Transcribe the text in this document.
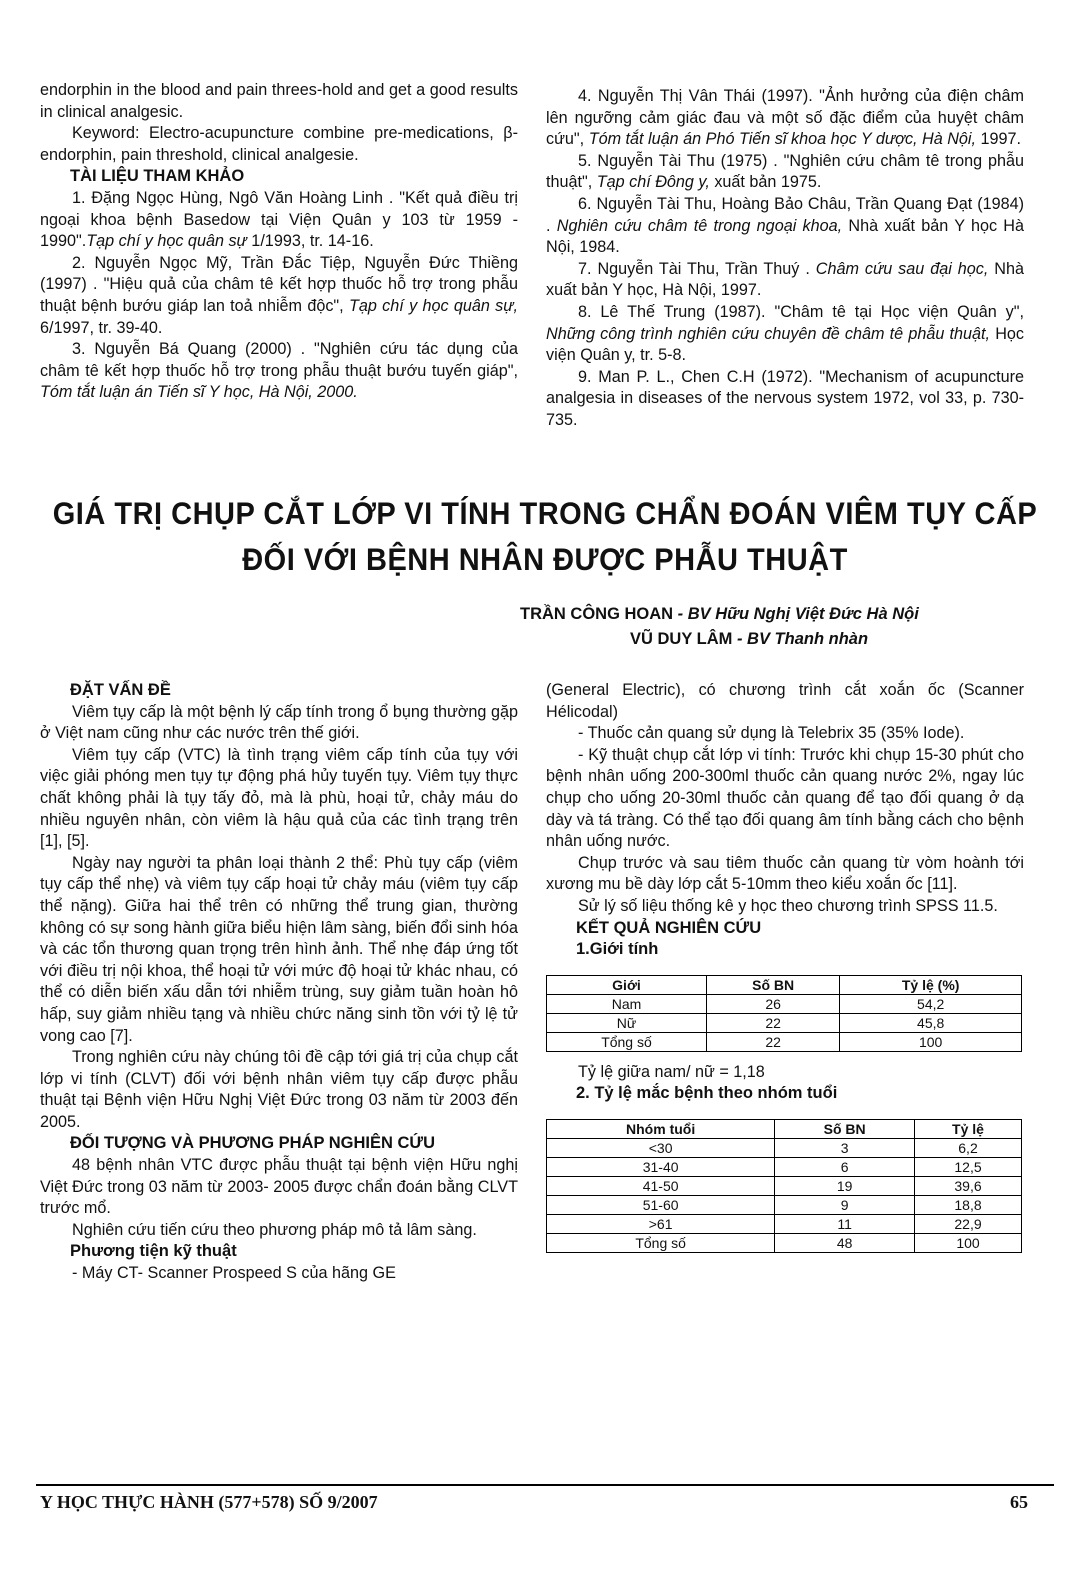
endorphin in the blood and pain threes-hold and get a good results in clinical analgesic.

Keyword: Electro-acupuncture combine pre-medications, β-endorphin, pain threshold, clinical analgesie.

TÀI LIỆU THAM KHẢO

1. Đặng Ngọc Hùng, Ngô Văn Hoàng Linh . "Kết quả điều trị ngoại khoa bệnh Basedow tại Viện Quân y 103 từ 1959 - 1990".Tạp chí y học quân sự 1/1993, tr. 14-16.

2. Nguyễn Ngọc Mỹ, Trần Đắc Tiệp, Nguyễn Đức Thiềng (1997) . "Hiệu quả của châm tê kết hợp thuốc hỗ trợ trong phẫu thuật bệnh bướu giáp lan toả nhiễm độc", Tạp chí y học quân sự, 6/1997, tr. 39-40.

3. Nguyễn Bá Quang (2000) . "Nghiên cứu tác dụng của châm tê kết hợp thuốc hỗ trợ trong phẫu thuật bướu tuyến giáp", Tóm tắt luận án Tiến sĩ Y học, Hà Nội, 2000.

4. Nguyễn Thị Vân Thái (1997). "Ảnh hưởng của điện châm lên ngưỡng cảm giác đau và một số đặc điểm của huyệt châm cứu", Tóm tắt luận án Phó Tiến sĩ khoa học Y dược, Hà Nội, 1997.

5. Nguyễn Tài Thu (1975) . "Nghiên cứu châm tê trong phẫu thuật", Tạp chí Đông y, xuất bản 1975.

6. Nguyễn Tài Thu, Hoàng Bảo Châu, Trần Quang Đạt (1984) . Nghiên cứu châm tê trong ngoại khoa, Nhà xuất bản Y học Hà Nội, 1984.

7. Nguyễn Tài Thu, Trần Thuý . Châm cứu sau đại học, Nhà xuất bản Y học, Hà Nội, 1997.

8. Lê Thế Trung (1987). "Châm tê tại Học viện Quân y", Những công trình nghiên cứu chuyên đề châm tê phẫu thuật, Học viện Quân y, tr. 5-8.

9. Man P. L., Chen C.H (1972). "Mechanism of acupuncture analgesia in diseases of the nervous system 1972, vol 33, p. 730-735.

GIÁ TRỊ CHỤP CẮT LỚP VI TÍNH TRONG CHẨN ĐOÁN VIÊM TỤY CẤP
ĐỐI VỚI BỆNH NHÂN ĐƯỢC PHẪU THUẬT
TRẦN CÔNG HOAN - BV Hữu Nghị Việt Đức Hà Nội
VŨ DUY LÂM - BV Thanh nhàn

ĐẶT VẤN ĐỀ

Viêm tụy cấp là một bệnh lý cấp tính trong ổ bụng thường gặp ở Việt nam cũng như các nước trên thế giới.

Viêm tụy cấp (VTC) là tình trạng viêm cấp tính của tụy với việc giải phóng men tụy tự động phá hủy tuyến tụy. Viêm tụy thực chất không phải là tụy tấy đỏ, mà là phù, hoại tử, chảy máu do nhiều nguyên nhân, còn viêm là hậu quả của các tình trạng trên [1], [5].

Ngày nay người ta phân loại thành 2 thể: Phù tụy cấp (viêm tụy cấp thể nhẹ) và viêm tụy cấp hoại tử chảy máu (viêm tụy cấp thể nặng). Giữa hai thể trên có những thể trung gian, thường không có sự song hành giữa biểu hiện lâm sàng, biến đổi sinh hóa và các tổn thương quan trọng trên hình ảnh. Thể nhẹ đáp ứng tốt với điều trị nội khoa, thể hoại tử với mức độ hoại tử khác nhau, có thể có diễn biến xấu dẫn tới nhiễm trùng, suy giảm tuần hoàn hô hấp, suy giảm nhiều tạng và nhiều chức năng sinh tồn với tỷ lệ tử vong cao [7].

Trong nghiên cứu này chúng tôi đề cập tới giá trị của chụp cắt lớp vi tính (CLVT) đối với bệnh nhân viêm tụy cấp được phẫu thuật tại Bệnh viện Hữu Nghị Việt Đức trong 03 năm từ 2003 đến 2005.

ĐỐI TƯỢNG VÀ PHƯƠNG PHÁP NGHIÊN CỨU

48 bệnh nhân VTC được phẫu thuật tại bệnh viện Hữu nghị Việt Đức trong 03 năm từ 2003- 2005 được chẩn đoán bằng CLVT trước mổ.

Nghiên cứu tiến cứu theo phương pháp mô tả lâm sàng.

Phương tiện kỹ thuật

- Máy CT- Scanner Prospeed S của hãng GE

(General Electric), có chương trình cắt xoắn ốc (Scanner Hélicodal)

- Thuốc cản quang sử dụng là Telebrix 35 (35% Iode).

- Kỹ thuật chụp cắt lớp vi tính: Trước khi chụp 15-30 phút cho bệnh nhân uống 200-300ml thuốc cản quang nước 2%, ngay lúc chụp cho uống 20-30ml thuốc cản quang để tạo đối quang ở dạ dày và tá tràng. Có thể tạo đối quang âm tính bằng cách cho bệnh nhân uống nước.

Chụp trước và sau tiêm thuốc cản quang từ vòm hoành tới xương mu bề dày lớp cắt 5-10mm theo kiểu xoắn ốc [11].

Sử lý số liệu thống kê y học theo chương trình SPSS 11.5.

KẾT QUẢ NGHIÊN CỨU

1.Giới tính

Giới	Số BN	Tỷ lệ (%)
Nam	26	54,2
Nữ	22	45,8
Tổng số	22	100

Tỷ lệ giữa nam/ nữ = 1,18

2. Tỷ lệ mắc bệnh theo nhóm tuổi

Nhóm tuổi	Số BN	Tỷ lệ
<30	3	6,2
31-40	6	12,5
41-50	19	39,6
51-60	9	18,8
>61	11	22,9
Tổng số	48	100
Y HỌC THỰC HÀNH (577+578) SỐ 9/2007	65
